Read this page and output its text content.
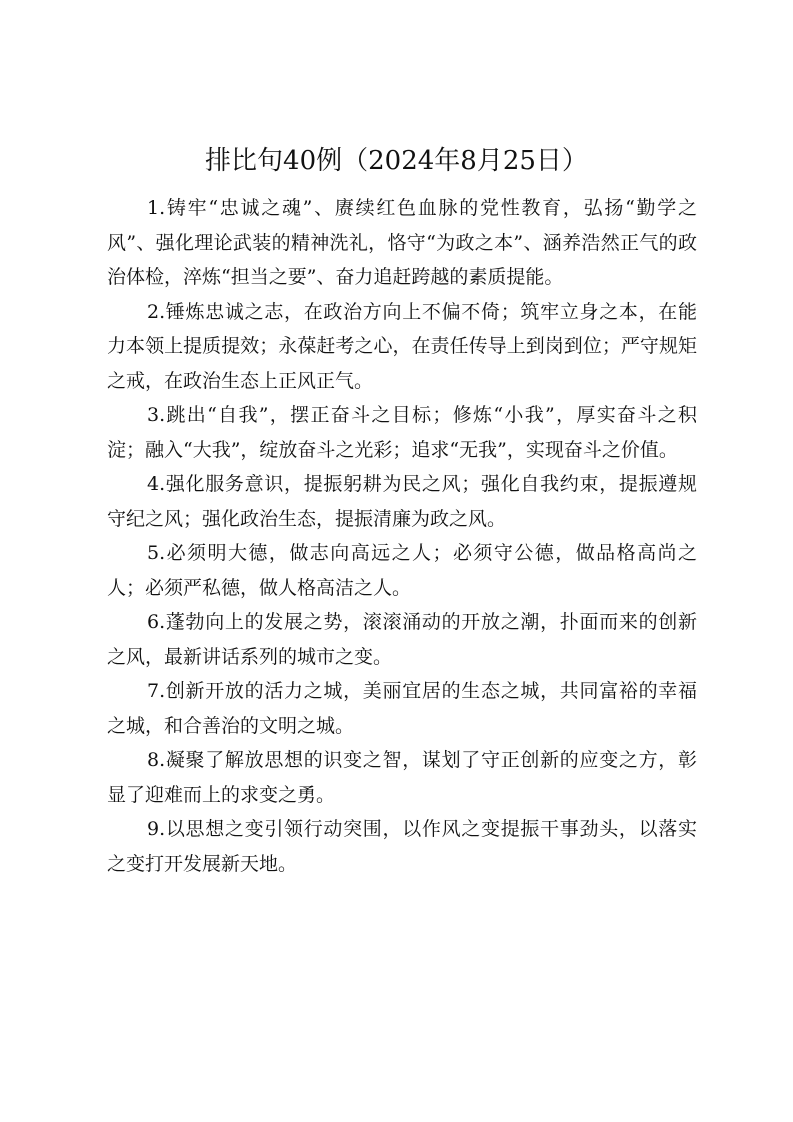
排比句40例（2024年8月25日）

1.铸牢“忠诚之魂”、赓续红色血脉的党性教育，弘扬“勤学之风”、强化理论武装的精神洗礼，恪守“为政之本”、涵养浩然正气的政治体检，淬炼“担当之要”、奋力追赶跨越的素质提能。

2.锤炼忠诚之志，在政治方向上不偏不倚；筑牢立身之本，在能力本领上提质提效；永葆赶考之心，在责任传导上到岗到位；严守规矩之戒，在政治生态上正风正气。

3.跳出“自我”，摆正奋斗之目标；修炼“小我”，厚实奋斗之积淀；融入“大我”，绽放奋斗之光彩；追求“无我”，实现奋斗之价值。

4.强化服务意识，提振躬耕为民之风；强化自我约束，提振遵规守纪之风；强化政治生态，提振清廉为政之风。

5.必须明大德，做志向高远之人；必须守公德，做品格高尚之人；必须严私德，做人格高洁之人。

6.蓬勃向上的发展之势，滚滚涌动的开放之潮，扑面而来的创新之风，最新讲话系列的城市之变。

7.创新开放的活力之城，美丽宜居的生态之城，共同富裕的幸福之城，和合善治的文明之城。

8.凝聚了解放思想的识变之智，谋划了守正创新的应变之方，彰显了迎难而上的求变之勇。

9.以思想之变引领行动突围，以作风之变提振干事劲头，以落实之变打开发展新天地。
